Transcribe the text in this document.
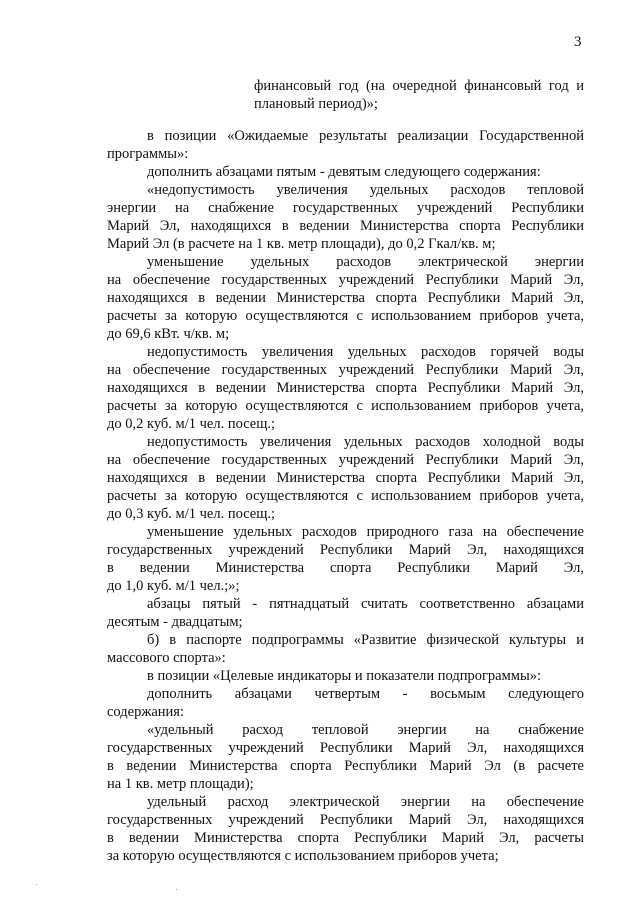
3
финансовый год (на очередной финансовый год и
плановый период)»;
в позиции «Ожидаемые результаты реализации Государственной
программы»:
дополнить абзацами пятым - девятым следующего содержания:
«недопустимость увеличения удельных расходов тепловой
энергии на снабжение государственных учреждений Республики
Марий Эл, находящихся в ведении Министерства спорта Республики
Марий Эл (в расчете на 1 кв. метр площади), до 0,2 Гкал/кв. м;
уменьшение удельных расходов электрической энергии
на обеспечение государственных учреждений Республики Марий Эл,
находящихся в ведении Министерства спорта Республики Марий Эл,
расчеты за которую осуществляются с использованием приборов учета,
до 69,6 кВт. ч/кв. м;
недопустимость увеличения удельных расходов горячей воды
на обеспечение государственных учреждений Республики Марий Эл,
находящихся в ведении Министерства спорта Республики Марий Эл,
расчеты за которую осуществляются с использованием приборов учета,
до 0,2 куб. м/1 чел. посещ.;
недопустимость увеличения удельных расходов холодной воды
на обеспечение государственных учреждений Республики Марий Эл,
находящихся в ведении Министерства спорта Республики Марий Эл,
расчеты за которую осуществляются с использованием приборов учета,
до 0,3 куб. м/1 чел. посещ.;
уменьшение удельных расходов природного газа на обеспечение
государственных учреждений Республики Марий Эл, находящихся
в ведении Министерства спорта Республики Марий Эл,
до 1,0 куб. м/1 чел.;»;
абзацы пятый - пятнадцатый считать соответственно абзацами
десятым - двадцатым;
б) в паспорте подпрограммы «Развитие физической культуры и
массового спорта»:
в позиции «Целевые индикаторы и показатели подпрограммы»:
дополнить абзацами четвертым - восьмым следующего
содержания:
«удельный расход тепловой энергии на снабжение
государственных учреждений Республики Марий Эл, находящихся
в ведении Министерства спорта Республики Марий Эл (в расчете
на 1 кв. метр площади);
удельный расход электрической энергии на обеспечение
государственных учреждений Республики Марий Эл, находящихся
в ведении Министерства спорта Республики Марий Эл, расчеты
за которую осуществляются с использованием приборов учета;
